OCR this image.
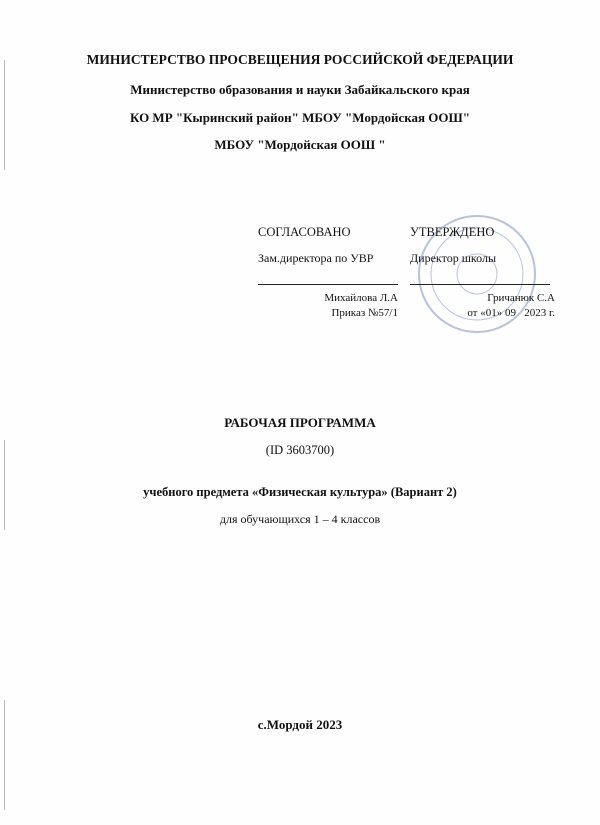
МИНИСТЕРСТВО ПРОСВЕЩЕНИЯ РОССИЙСКОЙ ФЕДЕРАЦИИ
Министерство образования и науки Забайкальского края
КО МР "Кыринский район" МБОУ "Мордойская ООШ"
МБОУ "Мордойская ООШ "
СОГЛАСОВАНО
Зам.директора по УВР
Михайлова Л.А
Приказ №57/1
УТВЕРЖДЕНО
Директор школы
Гричанюк С.А
от «01» 09   2023 г.
РАБОЧАЯ ПРОГРАММА
(ID 3603700)
учебного предмета «Физическая культура» (Вариант 2)
для обучающихся 1 – 4 классов
с.Мордой 2023
